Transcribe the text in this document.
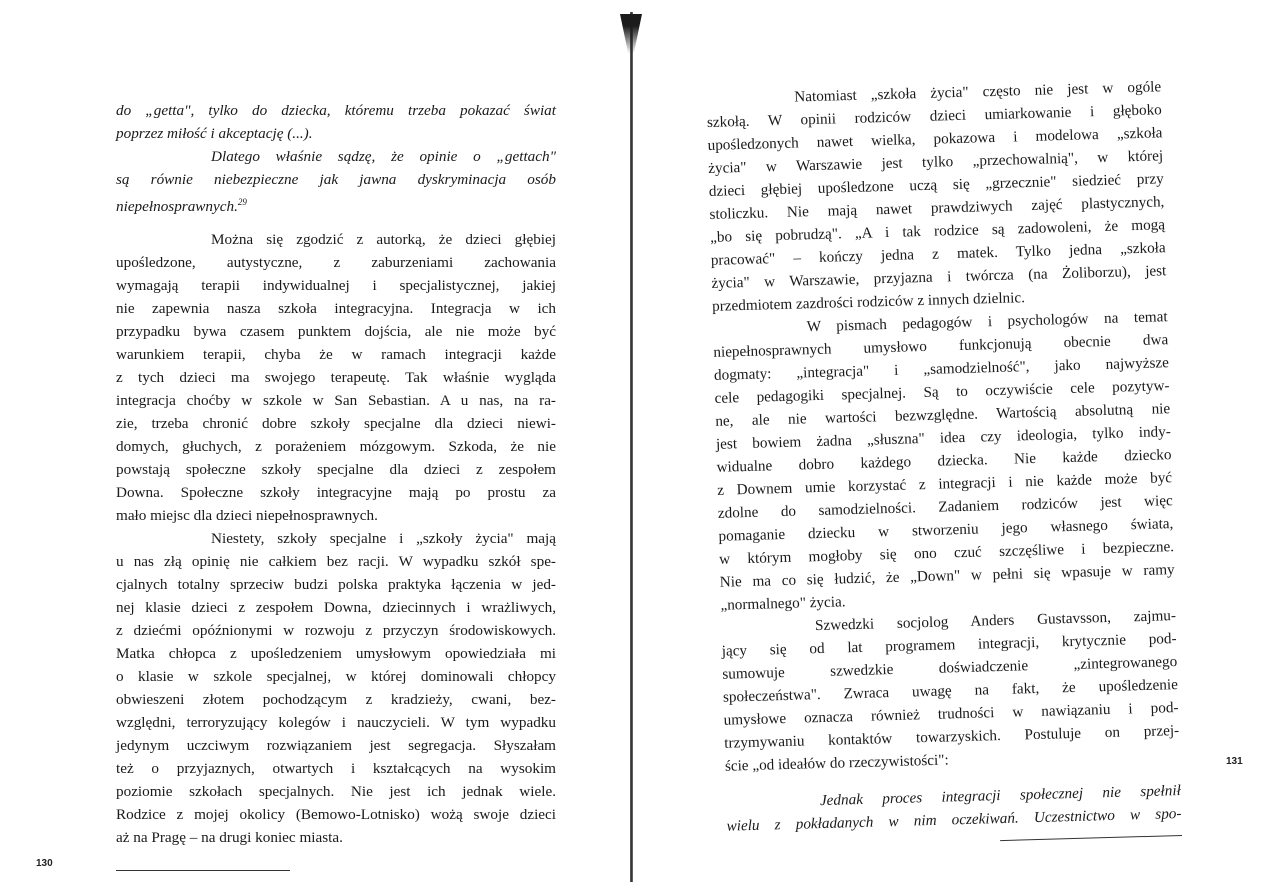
do „getta", tylko do dziecka, któremu trzeba pokazać świat
poprzez miłość i akceptację (...).
Dlatego właśnie sądzę, że opinie o „gettach"
są równie niebezpieczne jak jawna dyskryminacja osób
niepełnosprawnych.$^{29}$
Można się zgodzić z autorką, że dzieci głębiej
upośledzone, autystyczne, z zaburzeniami zachowania
wymagają terapii indywidualnej i specjalistycznej, jakiej
nie zapewnia nasza szkoła integracyjna. Integracja w ich
przypadku bywa czasem punktem dojścia, ale nie może być
warunkiem terapii, chyba że w ramach integracji każde
z tych dzieci ma swojego terapeutę. Tak właśnie wygląda
integracja choćby w szkole w San Sebastian. A u nas, na ra-
zie, trzeba chronić dobre szkoły specjalne dla dzieci niewi-
domych, głuchych, z porażeniem mózgowym. Szkoda, że nie
powstają społeczne szkoły specjalne dla dzieci z zespołem
Downa. Społeczne szkoły integracyjne mają po prostu za
mało miejsc dla dzieci niepełnosprawnych.
Niestety, szkoły specjalne i „szkoły życia" mają
u nas złą opinię nie całkiem bez racji. W wypadku szkół spe-
cjalnych totalny sprzeciw budzi polska praktyka łączenia w jed-
nej klasie dzieci z zespołem Downa, dziecinnych i wrażliwych,
z dziećmi opóźnionymi w rozwoju z przyczyn środowiskowych.
Matka chłopca z upośledzeniem umysłowym opowiedziała mi
o klasie w szkole specjalnej, w której dominowali chłopcy
obwieszeni złotem pochodzącym z kradzieży, cwani, bez-
względni, terroryzujący kolegów i nauczycieli. W tym wypadku
jedynym uczciwym rozwiązaniem jest segregacja. Słyszałam
też o przyjaznych, otwartych i kształcących na wysokim
poziomie szkołach specjalnych. Nie jest ich jednak wiele.
Rodzice z mojej okolicy (Bemowo-Lotnisko) wożą swoje dzieci
aż na Pragę – na drugi koniec miasta.
130
Natomiast „szkoła życia" często nie jest w ogóle
szkołą. W opinii rodziców dzieci umiarkowanie i głęboko
upośledzonych nawet wielka, pokazowa i modelowa „szkoła
życia" w Warszawie jest tylko „przechowalnią", w której
dzieci głębiej upośledzone uczą się „grzecznie" siedzieć przy
stoliczku. Nie mają nawet prawdziwych zajęć plastycznych,
„bo się pobrudzą". „A i tak rodzice są zadowoleni, że mogą
pracować" – kończy jedna z matek. Tylko jedna „szkoła
życia" w Warszawie, przyjazna i twórcza (na Żoliborzu), jest
przedmiotem zazdrości rodziców z innych dzielnic.
W pismach pedagogów i psychologów na temat
niepełnosprawnych umysłowo funkcjonują obecnie dwa
dogmaty: „integracja" i „samodzielność", jako najwyższe
cele pedagogiki specjalnej. Są to oczywiście cele pozytyw-
ne, ale nie wartości bezwzględne. Wartością absolutną nie
jest bowiem żadna „słuszna" idea czy ideologia, tylko indy-
widualne dobro każdego dziecka. Nie każde dziecko
z Downem umie korzystać z integracji i nie każde może być
zdolne do samodzielności. Zadaniem rodziców jest więc
pomaganie dziecku w stworzeniu jego własnego świata,
w którym mogłoby się ono czuć szczęśliwe i bezpieczne.
Nie ma co się łudzić, że „Down" w pełni się wpasuje w ramy
„normalnego" życia.
Szwedzki socjolog Anders Gustavsson, zajmu-
jący się od lat programem integracji, krytycznie pod-
sumowuje szwedzkie doświadczenie „zintegrowanego
społeczeństwa". Zwraca uwagę na fakt, że upośledzenie
umysłowe oznacza również trudności w nawiązaniu i pod-
trzymywaniu kontaktów towarzyskich. Postuluje on przej-
ście „od ideałów do rzeczywistości":
Jednak proces integracji społecznej nie spełnił
wielu z pokładanych w nim oczekiwań. Uczestnictwo w spo-
131
